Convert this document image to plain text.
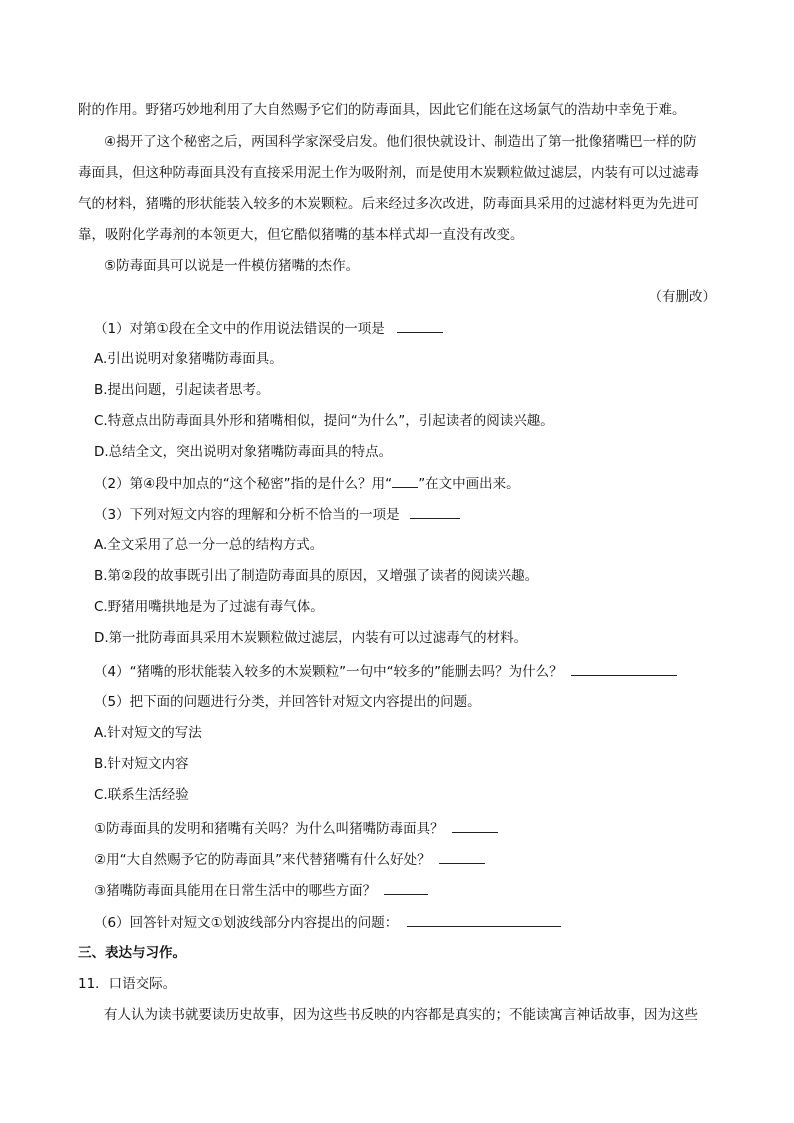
附的作用。野猪巧妙地利用了大自然赐予它们的防毒面具，因此它们能在这场氯气的浩劫中幸免于难。
④揭开了这个秘密之后，两国科学家深受启发。他们很快就设计、制造出了第一批像猪嘴巴一样的防
毒面具，但这种防毒面具没有直接采用泥土作为吸附剂，而是使用木炭颗粒做过滤层，内装有可以过滤毒
气的材料，猪嘴的形状能装入较多的木炭颗粒。后来经过多次改进，防毒面具采用的过滤材料更为先进可
靠，吸附化学毒剂的本领更大，但它酷似猪嘴的基本样式却一直没有改变。
⑤防毒面具可以说是一件模仿猪嘴的杰作。
（有删改）
（1）对第①段在全文中的作用说法错误的一项是
A.引出说明对象猪嘴防毒面具。
B.提出问题，引起读者思考。
C.特意点出防毒面具外形和猪嘴相似，提问“为什么”，引起读者的阅读兴趣。
D.总结全文，突出说明对象猪嘴防毒面具的特点。
（2）第④段中加点的“这个秘密”指的是什么？用“ ”在文中画出来。
（3）下列对短文内容的理解和分析不恰当的一项是
A.全文采用了总一分一总的结构方式。
B.第②段的故事既引出了制造防毒面具的原因，又增强了读者的阅读兴趣。
C.野猪用嘴拱地是为了过滤有毒气体。
D.第一批防毒面具采用木炭颗粒做过滤层，内装有可以过滤毒气的材料。
（4）“猪嘴的形状能装入较多的木炭颗粒”一句中“较多的”能删去吗？为什么？
（5）把下面的问题进行分类，并回答针对短文内容提出的问题。
A.针对短文的写法
B.针对短文内容
C.联系生活经验
①防毒面具的发明和猪嘴有关吗？为什么叫猪嘴防毒面具？
②用“大自然赐予它的防毒面具”来代替猪嘴有什么好处？
③猪嘴防毒面具能用在日常生活中的哪些方面？
（6）回答针对短文①划波线部分内容提出的问题：
三、表达与习作。
11．口语交际。
有人认为读书就要读历史故事，因为这些书反映的内容都是真实的；不能读寓言神话故事，因为这些
